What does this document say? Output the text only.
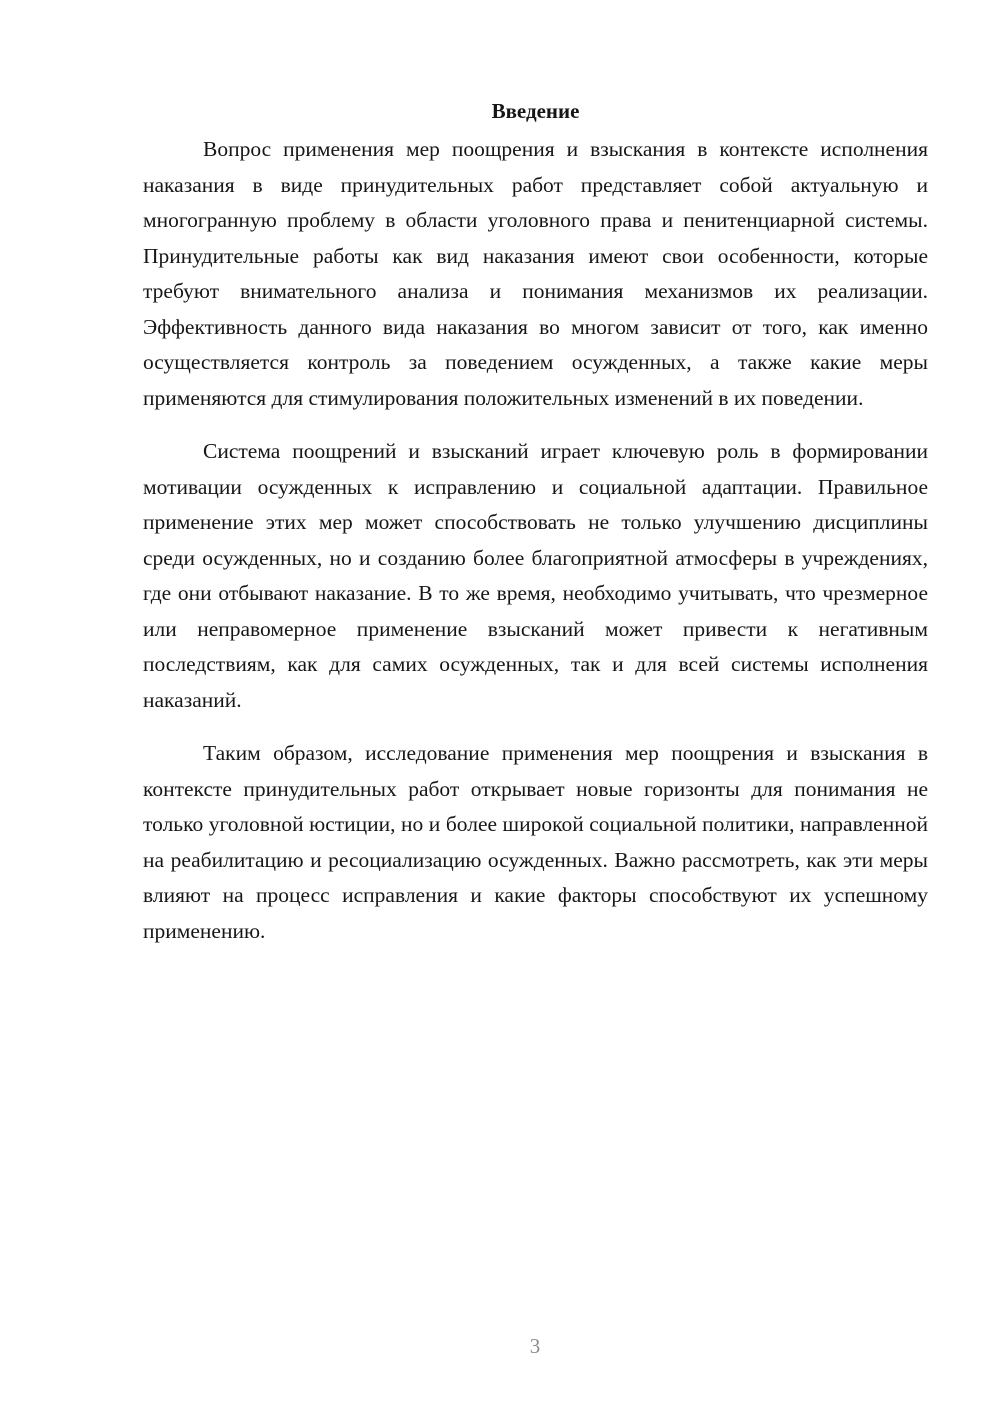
Введение

Вопрос применения мер поощрения и взыскания в контексте исполнения наказания в виде принудительных работ представляет собой актуальную и многогранную проблему в области уголовного права и пенитенциарной системы. Принудительные работы как вид наказания имеют свои особенности, которые требуют внимательного анализа и понимания механизмов их реализации. Эффективность данного вида наказания во многом зависит от того, как именно осуществляется контроль за поведением осужденных, а также какие меры применяются для стимулирования положительных изменений в их поведении.

Система поощрений и взысканий играет ключевую роль в формировании мотивации осужденных к исправлению и социальной адаптации. Правильное применение этих мер может способствовать не только улучшению дисциплины среди осужденных, но и созданию более благоприятной атмосферы в учреждениях, где они отбывают наказание. В то же время, необходимо учитывать, что чрезмерное или неправомерное применение взысканий может привести к негативным последствиям, как для самих осужденных, так и для всей системы исполнения наказаний.

Таким образом, исследование применения мер поощрения и взыскания в контексте принудительных работ открывает новые горизонты для понимания не только уголовной юстиции, но и более широкой социальной политики, направленной на реабилитацию и ресоциализацию осужденных. Важно рассмотреть, как эти меры влияют на процесс исправления и какие факторы способствуют их успешному применению.

3
